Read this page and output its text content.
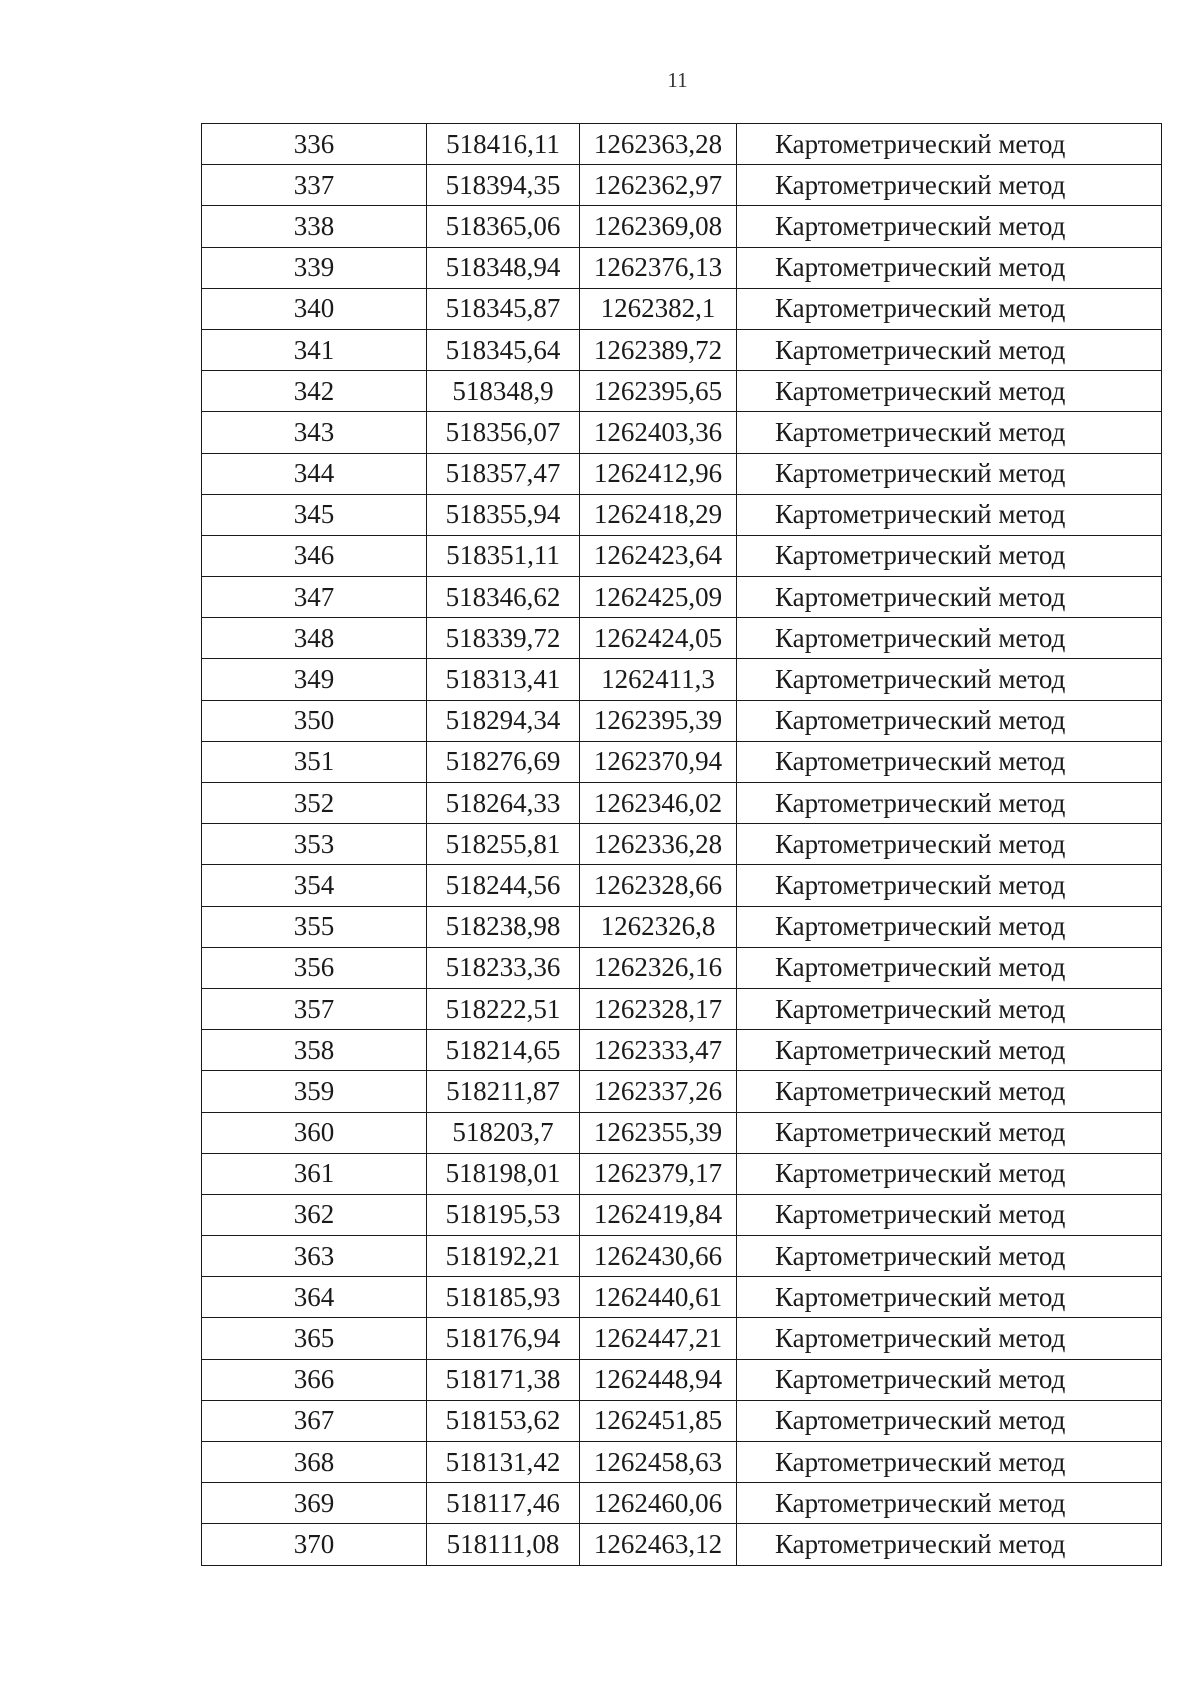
11
336	518416,11	1262363,28	Картометрический метод
337	518394,35	1262362,97	Картометрический метод
338	518365,06	1262369,08	Картометрический метод
339	518348,94	1262376,13	Картометрический метод
340	518345,87	1262382,1	Картометрический метод
341	518345,64	1262389,72	Картометрический метод
342	518348,9	1262395,65	Картометрический метод
343	518356,07	1262403,36	Картометрический метод
344	518357,47	1262412,96	Картометрический метод
345	518355,94	1262418,29	Картометрический метод
346	518351,11	1262423,64	Картометрический метод
347	518346,62	1262425,09	Картометрический метод
348	518339,72	1262424,05	Картометрический метод
349	518313,41	1262411,3	Картометрический метод
350	518294,34	1262395,39	Картометрический метод
351	518276,69	1262370,94	Картометрический метод
352	518264,33	1262346,02	Картометрический метод
353	518255,81	1262336,28	Картометрический метод
354	518244,56	1262328,66	Картометрический метод
355	518238,98	1262326,8	Картометрический метод
356	518233,36	1262326,16	Картометрический метод
357	518222,51	1262328,17	Картометрический метод
358	518214,65	1262333,47	Картометрический метод
359	518211,87	1262337,26	Картометрический метод
360	518203,7	1262355,39	Картометрический метод
361	518198,01	1262379,17	Картометрический метод
362	518195,53	1262419,84	Картометрический метод
363	518192,21	1262430,66	Картометрический метод
364	518185,93	1262440,61	Картометрический метод
365	518176,94	1262447,21	Картометрический метод
366	518171,38	1262448,94	Картометрический метод
367	518153,62	1262451,85	Картометрический метод
368	518131,42	1262458,63	Картометрический метод
369	518117,46	1262460,06	Картометрический метод
370	518111,08	1262463,12	Картометрический метод
